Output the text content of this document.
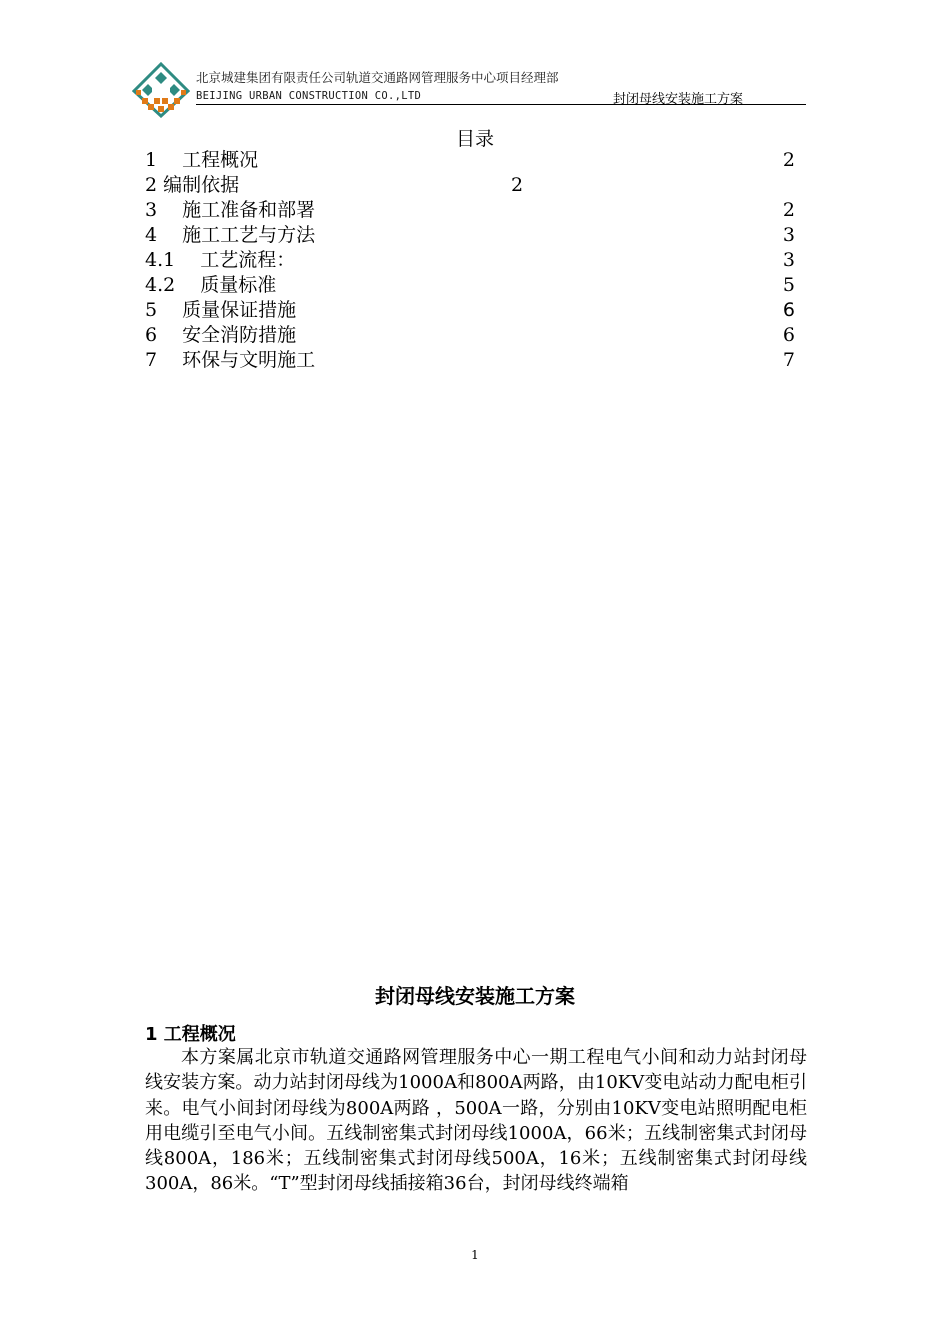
北京城建集团有限责任公司轨道交通路网管理服务中心项目经理部
BEIJING URBAN CONSTRUCTION CO.,LTD	封闭母线安装施工方案
目录
1　 工程概况	2
2 编制依据	2
3　 施工准备和部署	2
4　 施工工艺与方法	3
4.1　 工艺流程：	3
4.2　 质量标准	5
5　 质量保证措施	6
6　 安全消防措施	6
7　 环保与文明施工	7
封闭母线安装施工方案
1 工程概况

本方案属北京市轨道交通路网管理服务中心一期工程电气小间和动力站封闭母线安装方案。动力站封闭母线为1000A和800A两路，由10KV变电站动力配电柜引来。电气小间封闭母线为800A两路 ，500A一路，分别由10KV变电站照明配电柜用电缆引至电气小间。五线制密集式封闭母线1000A，66米；五线制密集式封闭母线800A，186米；五线制密集式封闭母线500A，16米；五线制密集式封闭母线300A，86米。“T”型封闭母线插接箱36台，封闭母线终端箱

1
